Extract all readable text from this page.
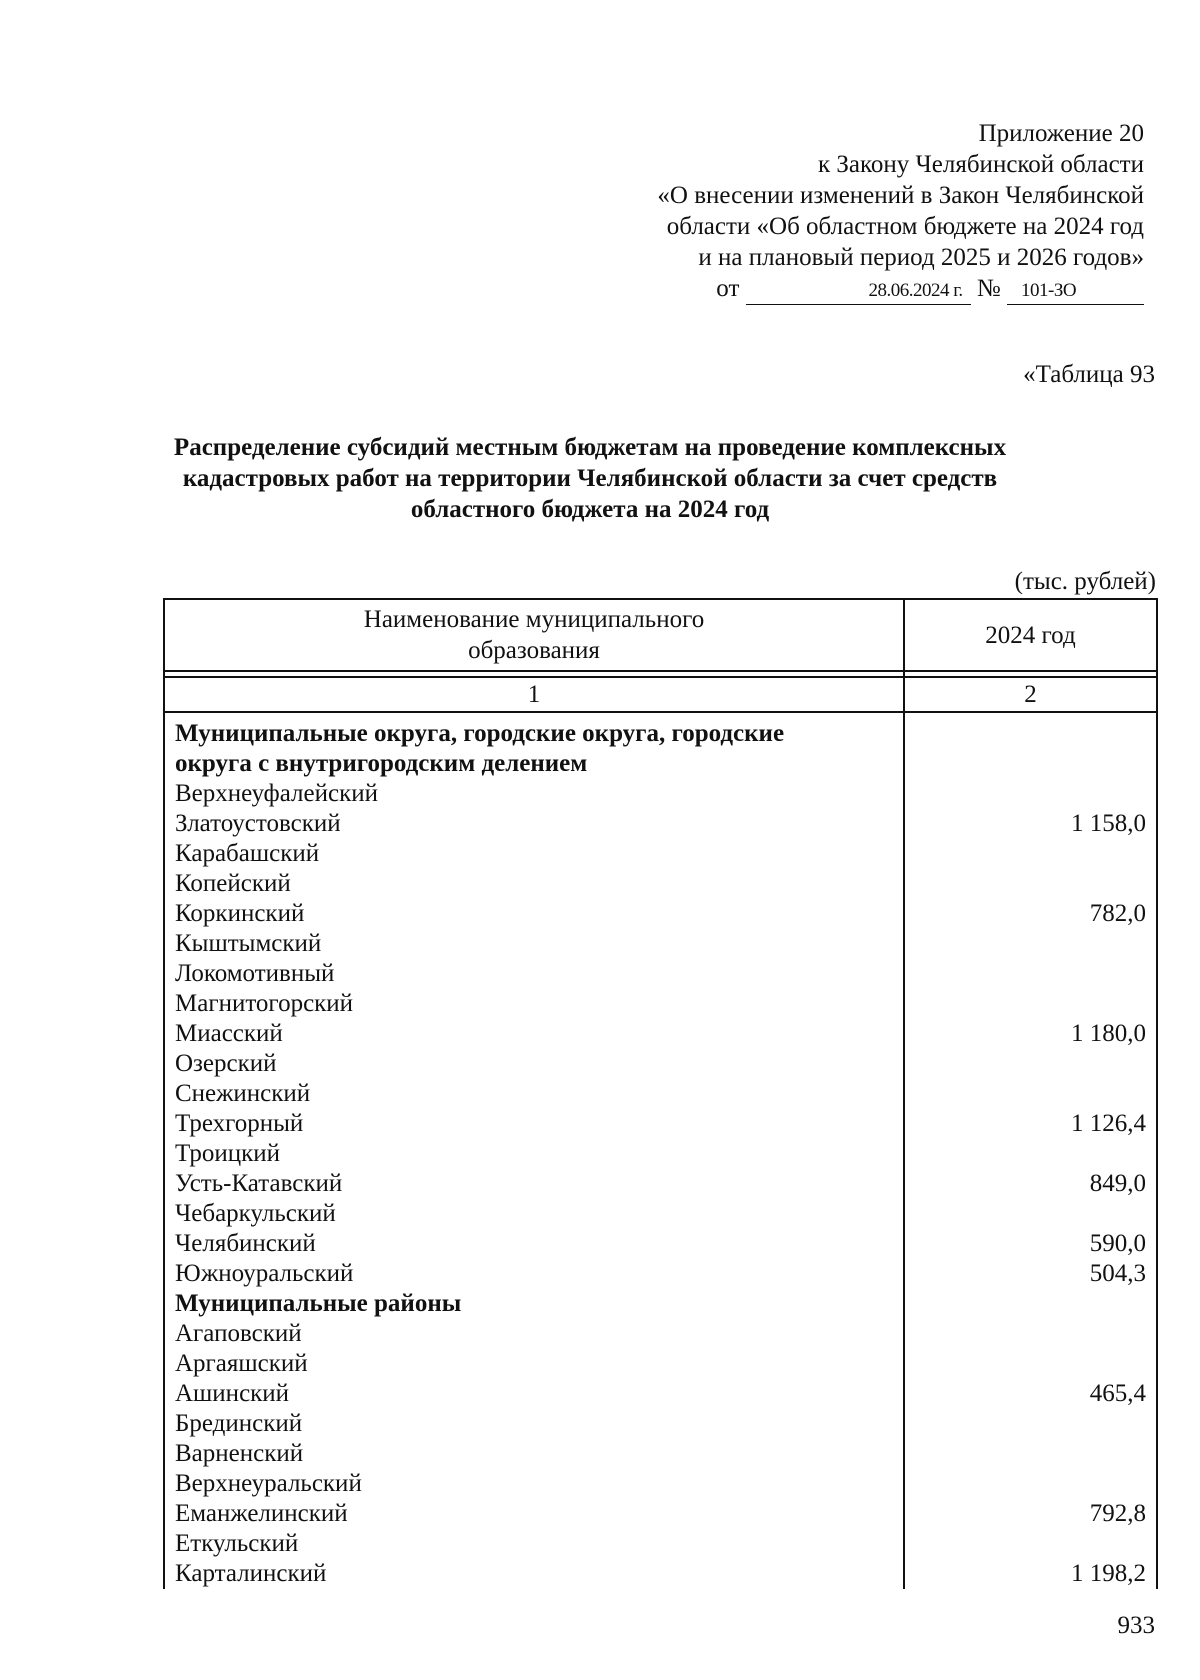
Приложение 20
к Закону Челябинской области
«О внесении изменений в Закон Челябинской
области «Об областном бюджете на 2024 год
и на плановый период 2025 и 2026 годов»
от	28.06.2024 г. № 101-ЗО
«Таблица 93
Распределение субсидий местным бюджетам на проведение комплексных
кадастровых работ на территории Челябинской области за счет средств
областного бюджета на 2024 год
(тыс. рублей)
Наименование муниципального
образования	2024 год

1	2
Муниципальные округа, городские округа, городские	
округа с внутригородским делением	
Верхнеуфалейский	
Златоустовский	1 158,0
Карабашский	
Копейский	
Коркинский	782,0
Кыштымский	
Локомотивный	
Магнитогорский	
Миасский	1 180,0
Озерский	
Снежинский	
Трехгорный	1 126,4
Троицкий	
Усть-Катавский	849,0
Чебаркульский	
Челябинский	590,0
Южноуральский	504,3
Муниципальные районы	
Агаповский	
Аргаяшский	
Ашинский	465,4
Брединский	
Варненский	
Верхнеуральский	
Еманжелинский	792,8
Еткульский	
Карталинский	1 198,2
933
